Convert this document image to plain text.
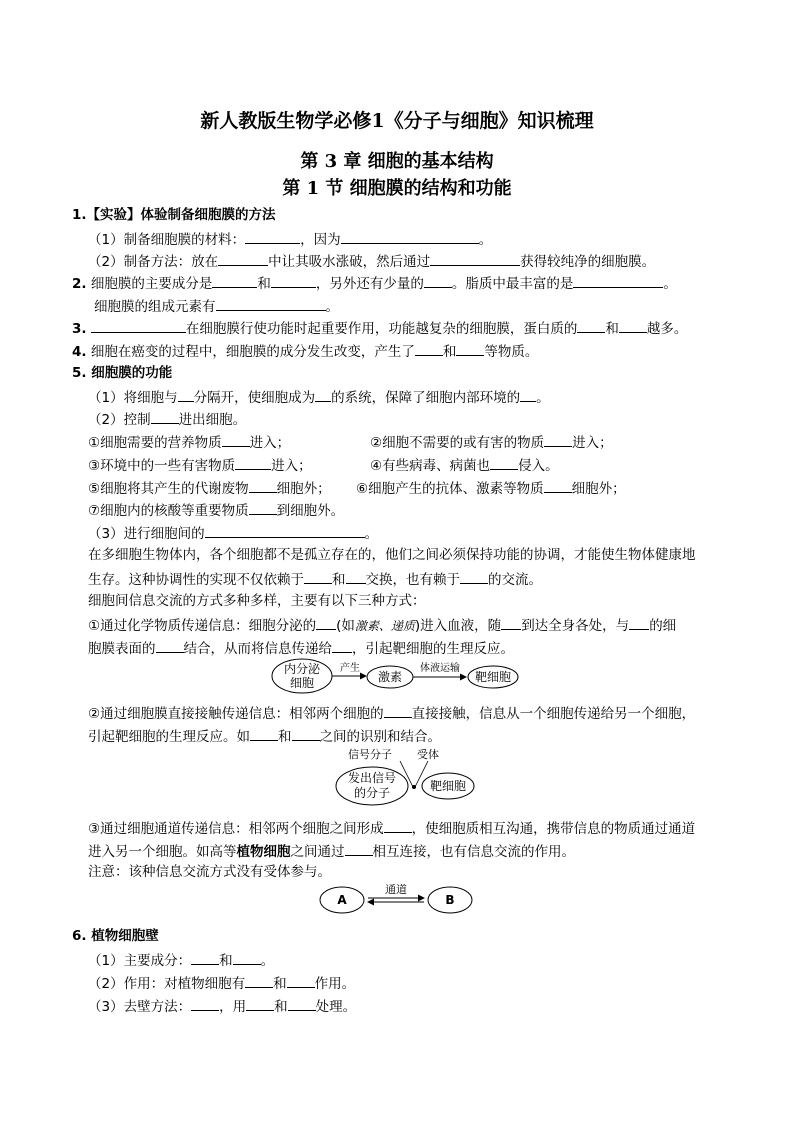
新人教版生物学必修1《分子与细胞》知识梳理
第 3 章 细胞的基本结构
第 1 节 细胞膜的结构和功能
1.【实验】体验制备细胞膜的方法
（1）制备细胞膜的材料：	，因为	。
（2）制备方法：放在	中让其吸水涨破，然后通过	获得较纯净的细胞膜。
2. 细胞膜的主要成分是	和	，另外还有少量的 。脂质中最丰富的是	。
细胞膜的组成元素有	。
3.	在细胞膜行使功能时起重要作用，功能越复杂的细胞膜，蛋白质的 和 越多。
4. 细胞在癌变的过程中，细胞膜的成分发生改变，产生了 和 等物质。
5. 细胞膜的功能
（1）将细胞与 分隔开，使细胞成为 的系统，保障了细胞内部环境的 。
（2）控制 进出细胞。
①细胞需要的营养物质 进入；	②细胞不需要的或有害的物质 进入；
③环境中的一些有害物质	进入；	④有些病毒、病菌也 侵入。
⑤细胞将其产生的代谢废物 细胞外； ⑥细胞产生的抗体、激素等物质 细胞外；
⑦细胞内的核酸等重要物质 到细胞外。
（3）进行细胞间的	。
在多细胞生物体内，各个细胞都不是孤立存在的，他们之间必须保持功能的协调，才能使生物体健康地
生存。这种协调性的实现不仅依赖于 和 交换，也有赖于 的交流。
细胞间信息交流的方式多种多样，主要有以下三种方式：
①通过化学物质传递信息：细胞分泌的 (如激素、递质)进入血液，随 到达全身各处，与 的细
胞膜表面的 结合，从而将信息传递给 ，引起靶细胞的生理反应。
内分泌
细胞
产生
激素
体液运输
靶细胞
②通过细胞膜直接接触传递信息：相邻两个细胞的 直接接触，信息从一个细胞传递给另一个细胞，
引起靶细胞的生理反应。如 和 之间的识别和结合。
信号分子 受体
发出信号
的分子	靶细胞
③通过细胞通道传递信息：相邻两个细胞之间形成 ，使细胞质相互沟通，携带信息的物质通过通道
进入另一个细胞。如高等植物细胞之间通过 相互连接，也有信息交流的作用。
注意：该种信息交流方式没有受体参与。
A
通道
B
6. 植物细胞壁
（1）主要成分： 和 。
（2）作用：对植物细胞有 和 作用。
（3）去壁方法： ，用 和 处理。
